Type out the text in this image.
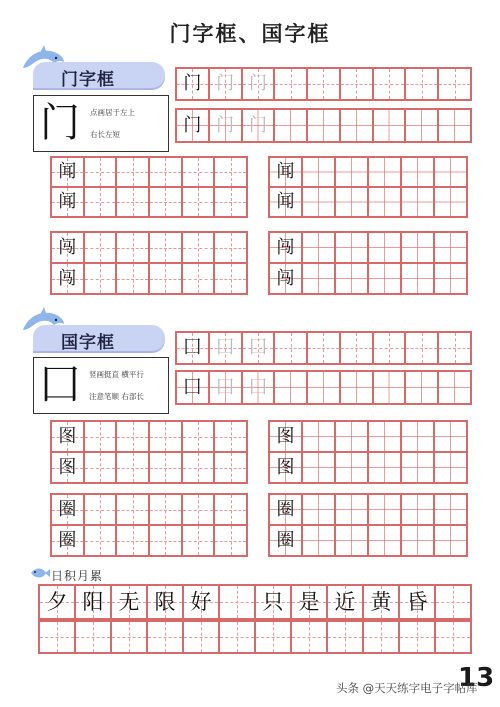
门字框、国字框
门字框
门 点画居于左上
右长左短
门 门 门
门 门 门
闻
闻
闻
闻
闯
闯
闯
闯
国字框
囗 竖画挺直 横平行
注意笔顺 右部长
囗 囗 囗
囗 囗 囗
图
图
图
图
圈
圈
圈
圈
日积月累
夕 阳 无 限 好 只 是 近 黄 昏
13
头条 @天天练字电子字帖库
